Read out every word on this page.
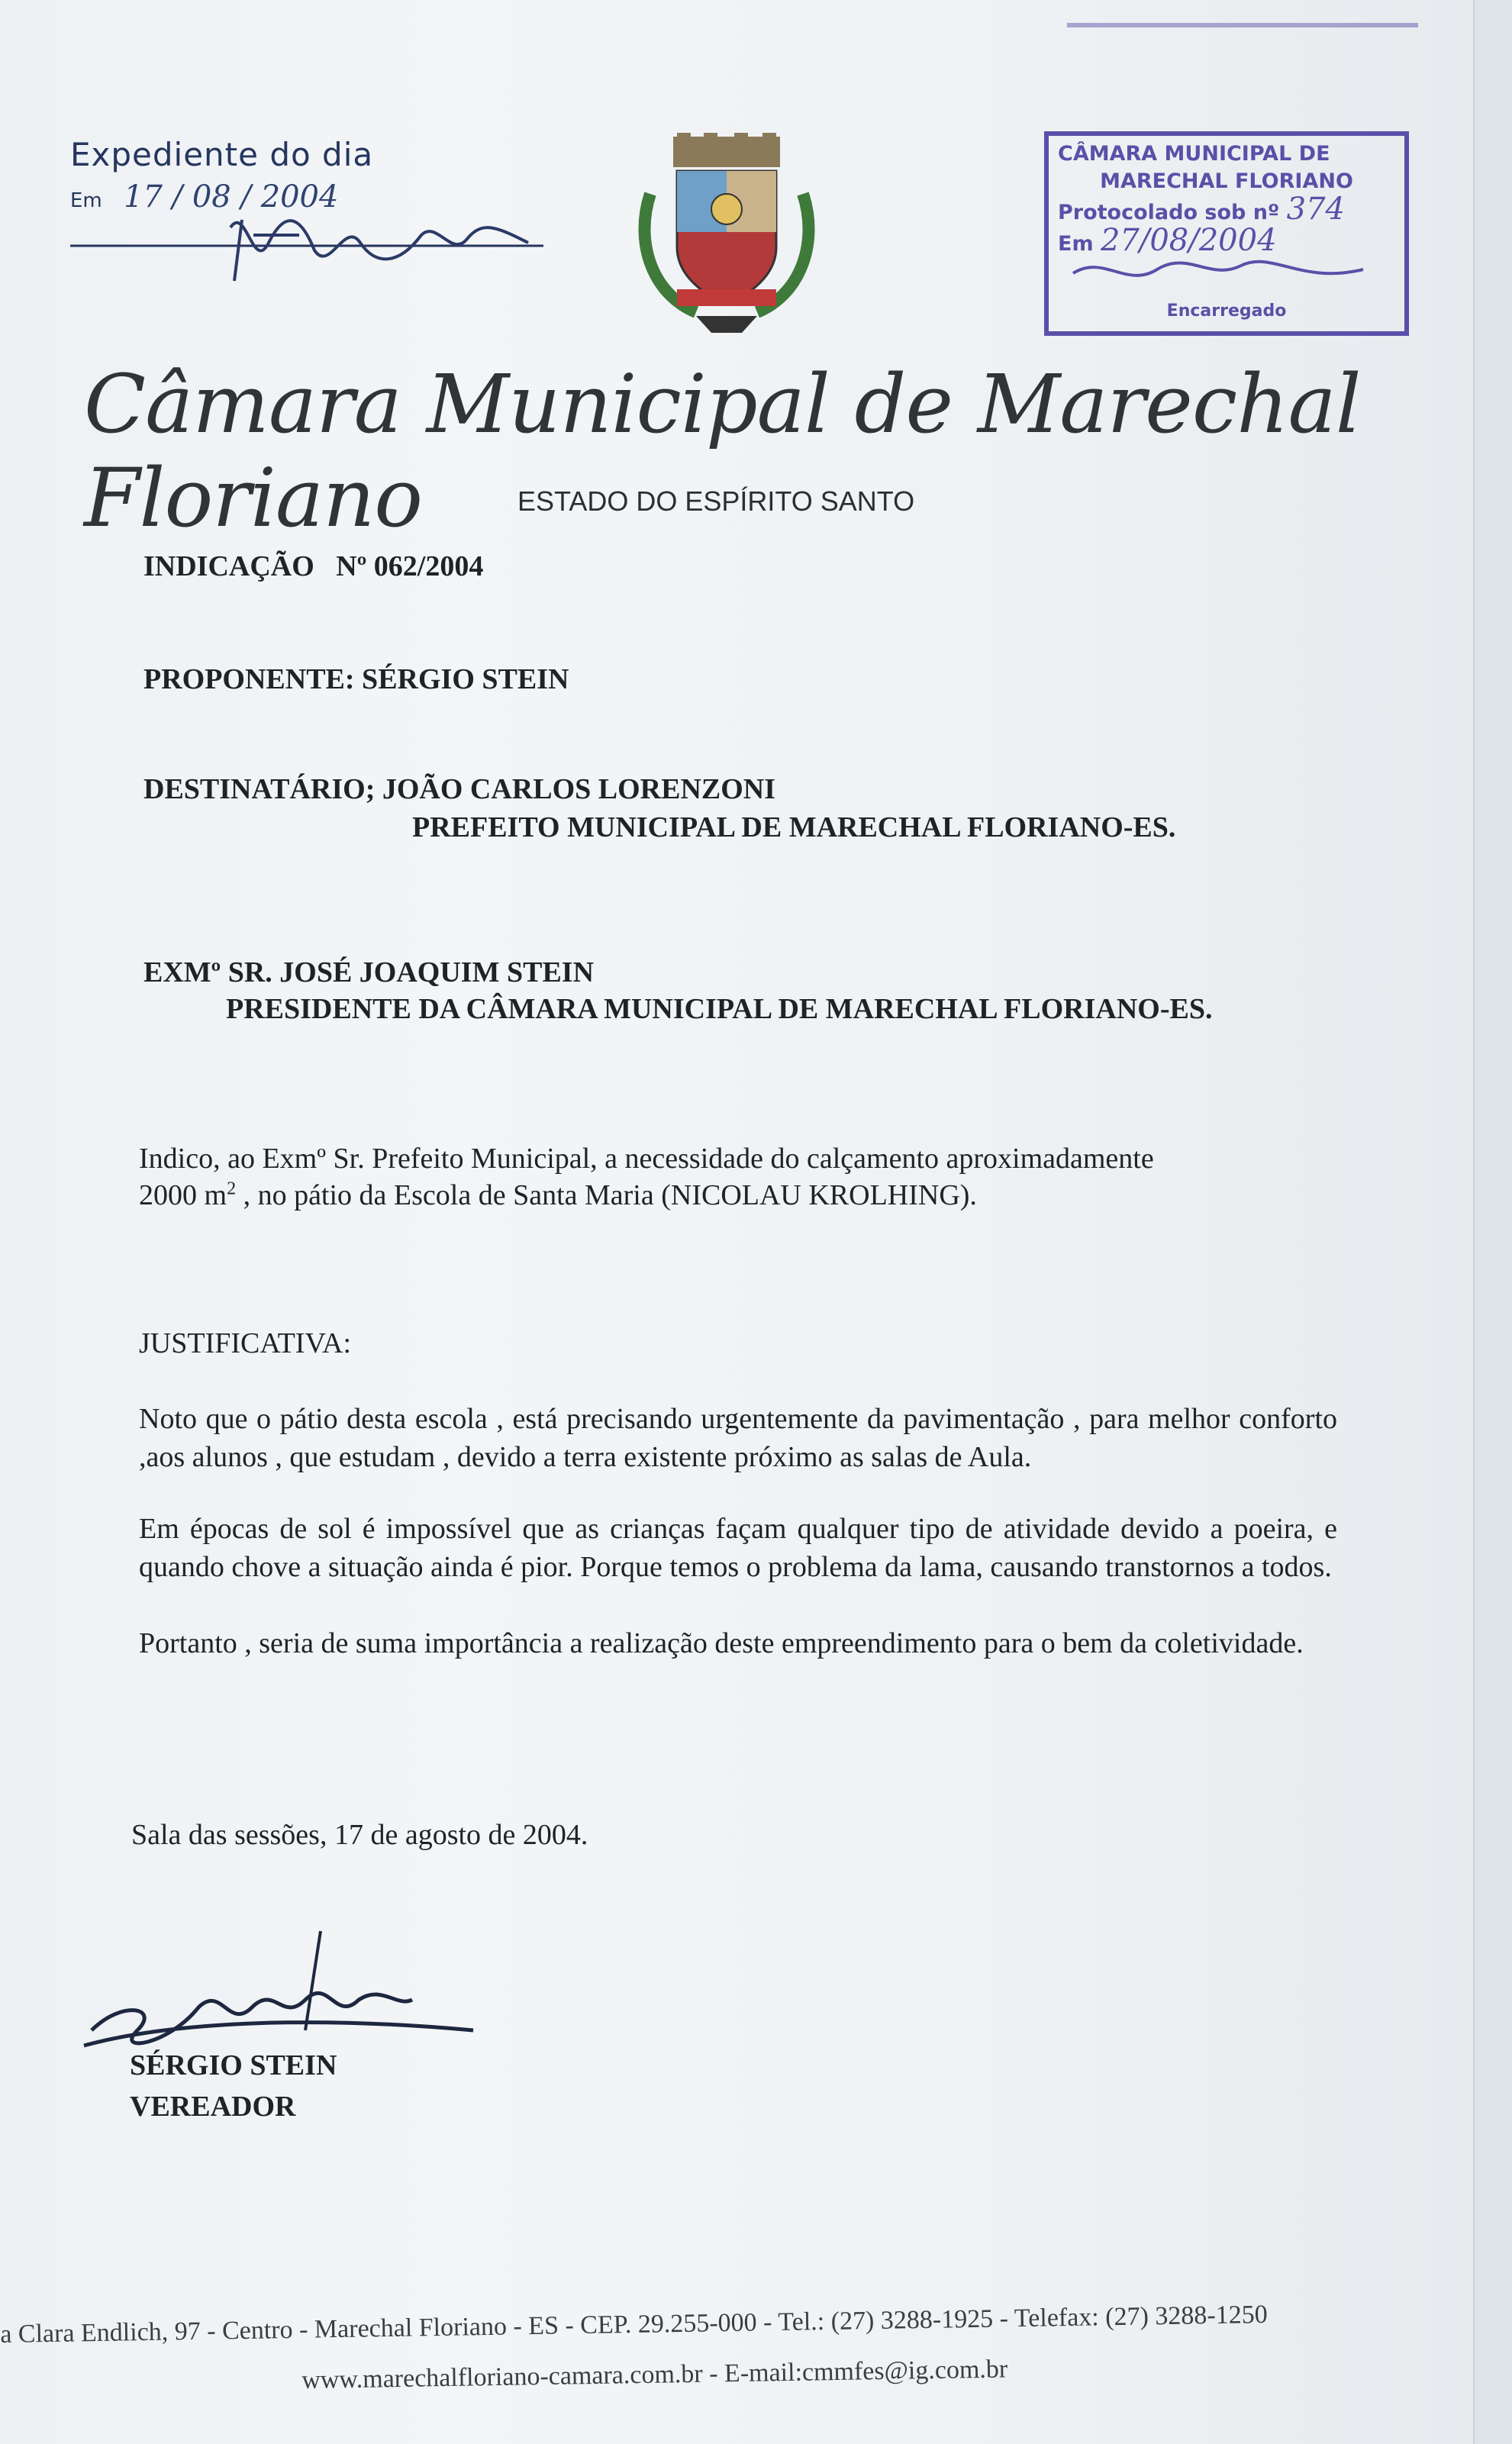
Expediente do dia
Em 17 / 08 / 2004
CÂMARA MUNICIPAL DE
MARECHAL FLORIANO
Protocolado sob nº 374
Em 27/08/2004
Encarregado
Câmara Municipal de Marechal Floriano	ESTADO DO ESPÍRITO SANTO
INDICAÇÃO Nº 062/2004
PROPONENTE: SÉRGIO STEIN
DESTINATÁRIO; JOÃO CARLOS LORENZONI
PREFEITO MUNICIPAL DE MARECHAL FLORIANO-ES.
EXMº SR. JOSÉ JOAQUIM STEIN
PRESIDENTE DA CÂMARA MUNICIPAL DE MARECHAL FLORIANO-ES.
Indico, ao Exmº Sr. Prefeito Municipal, a necessidade do calçamento aproximadamente
2000 $m^2$ , no pátio da Escola de Santa Maria (NICOLAU KROLHING).
JUSTIFICATIVA:
Noto que o pátio desta escola , está precisando urgentemente da pavimentação , para melhor conforto ,aos alunos , que estudam , devido a terra existente próximo as salas de Aula.
Em épocas de sol é impossível que as crianças façam qualquer tipo de atividade devido a poeira, e quando chove a situação ainda é pior. Porque temos o problema da lama, causando transtornos a todos.
Portanto , seria de suma importância a realização deste empreendimento para o bem da coletividade.
Sala das sessões, 17 de agosto de 2004.
SÉRGIO STEIN
VEREADOR
a Clara Endlich, 97 - Centro - Marechal Floriano - ES - CEP. 29.255-000 - Tel.: (27) 3288-1925 - Telefax: (27) 3288-1250
www.marechalfloriano-camara.com.br - E-mail:cmmfes@ig.com.br
